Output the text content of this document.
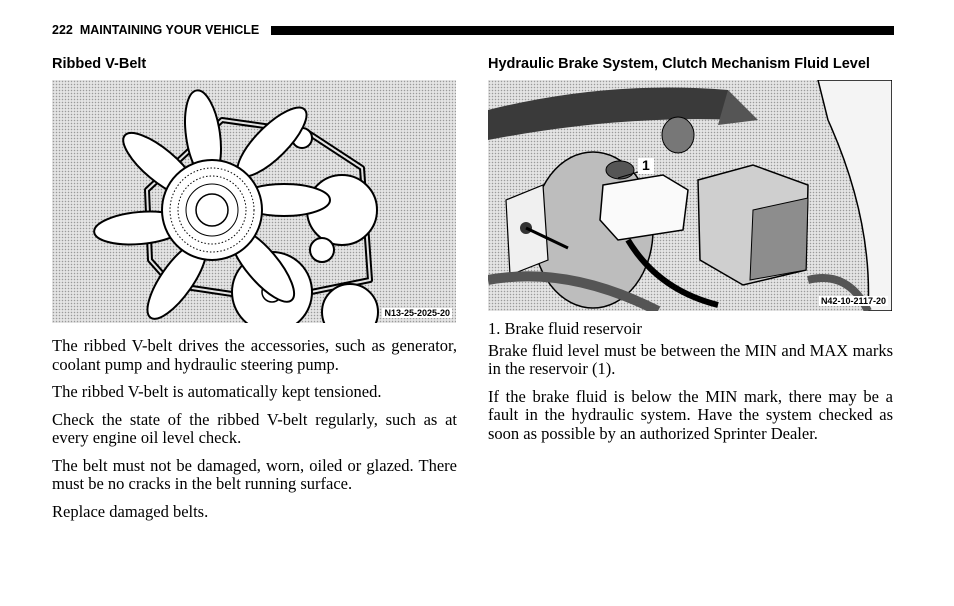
222 MAINTAINING YOUR VEHICLE
Ribbed V-Belt
N13-25-2025-20

The ribbed V-belt drives the accessories, such as generator, coolant pump and hydraulic steering pump.

The ribbed V-belt is automatically kept tensioned.

Check the state of the ribbed V-belt regularly, such as at every engine oil level check.

The belt must not be damaged, worn, oiled or glazed. There must be no cracks in the belt running surface.

Replace damaged belts.

Hydraulic Brake System, Clutch Mechanism Fluid Level
1
N42-10-2117-20

1. Brake fluid reservoir

Brake fluid level must be between the MIN and MAX marks in the reservoir (1).

If the brake fluid is below the MIN mark, there may be a fault in the hydraulic system. Have the system checked as soon as possible by an authorized Sprinter Dealer.
